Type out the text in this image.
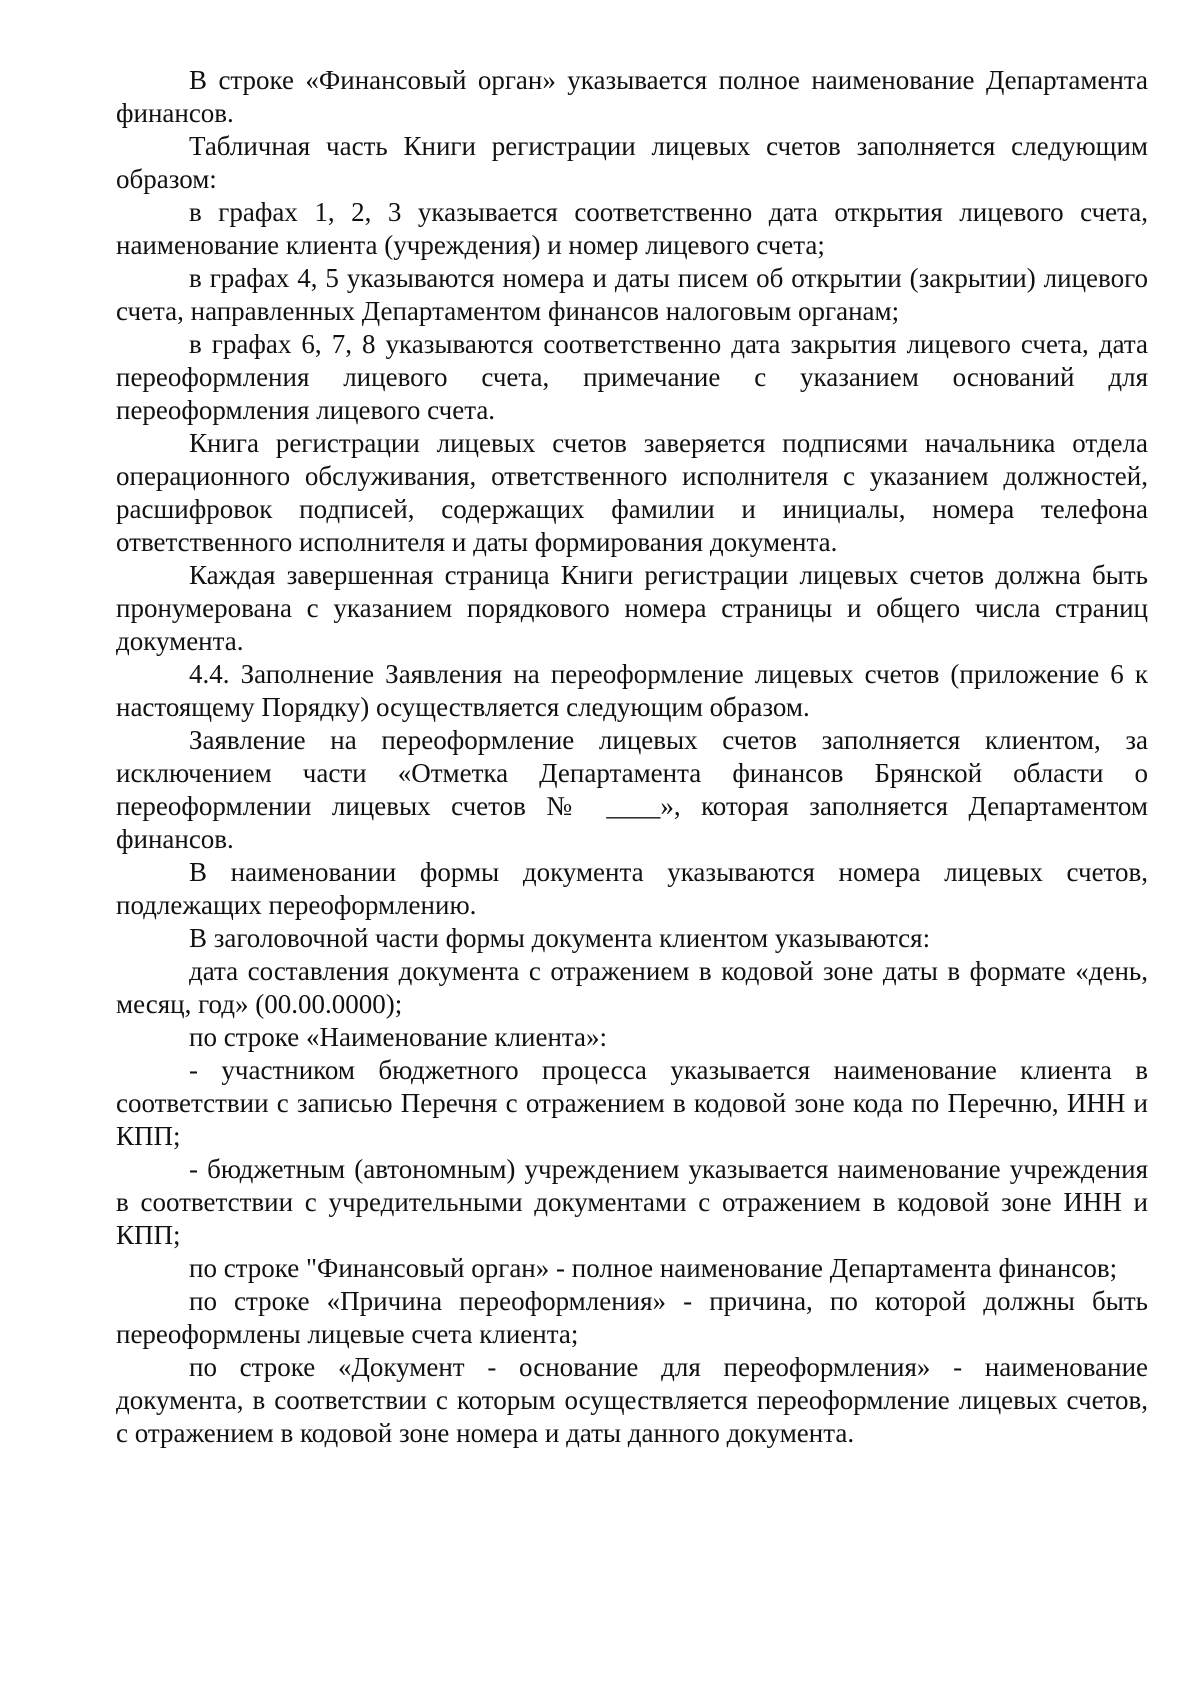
В строке «Финансовый орган» указывается полное наименование Департамента финансов.

Табличная часть Книги регистрации лицевых счетов заполняется следующим образом:

в графах 1, 2, 3 указывается соответственно дата открытия лицевого счета, наименование клиента (учреждения) и номер лицевого счета;

в графах 4, 5 указываются номера и даты писем об открытии (закрытии) лицевого счета, направленных Департаментом финансов налоговым органам;

в графах 6, 7, 8 указываются соответственно дата закрытия лицевого счета, дата переоформления лицевого счета, примечание с указанием оснований для переоформления лицевого счета.

Книга регистрации лицевых счетов заверяется подписями начальника отдела операционного обслуживания, ответственного исполнителя с указанием должностей, расшифровок подписей, содержащих фамилии и инициалы, номера телефона ответственного исполнителя и даты формирования документа.

Каждая завершенная страница Книги регистрации лицевых счетов должна быть пронумерована с указанием порядкового номера страницы и общего числа страниц документа.

4.4. Заполнение Заявления на переоформление лицевых счетов (приложение 6 к настоящему Порядку) осуществляется следующим образом.

Заявление на переоформление лицевых счетов заполняется клиентом, за исключением части «Отметка Департамента финансов Брянской области о переоформлении лицевых счетов № ____», которая заполняется Департаментом финансов.

В наименовании формы документа указываются номера лицевых счетов, подлежащих переоформлению.

В заголовочной части формы документа клиентом указываются:

дата составления документа с отражением в кодовой зоне даты в формате «день, месяц, год» (00.00.0000);

по строке «Наименование клиента»:

- участником бюджетного процесса указывается наименование клиента в соответствии с записью Перечня с отражением в кодовой зоне кода по Перечню, ИНН и КПП;

- бюджетным (автономным) учреждением указывается наименование учреждения в соответствии с учредительными документами с отражением в кодовой зоне ИНН и КПП;

по строке "Финансовый орган» - полное наименование Департамента финансов;

по строке «Причина переоформления» - причина, по которой должны быть переоформлены лицевые счета клиента;

по строке «Документ - основание для переоформления» - наименование документа, в соответствии с которым осуществляется переоформление лицевых счетов, с отражением в кодовой зоне номера и даты данного документа.
